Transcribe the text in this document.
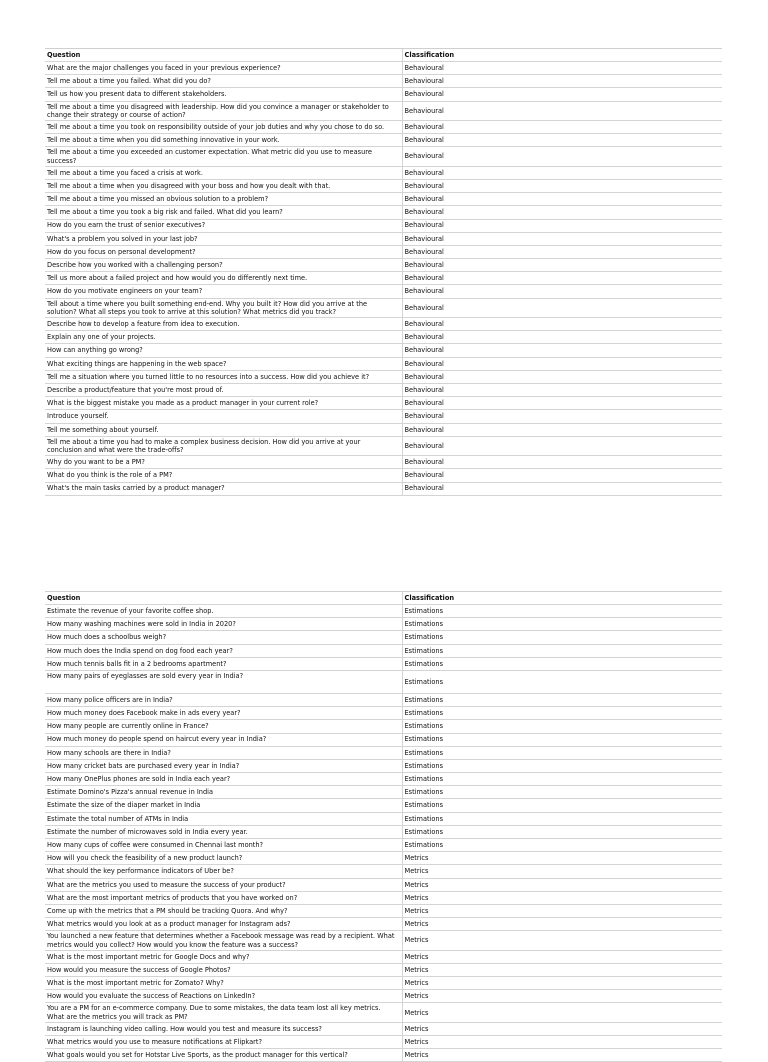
Question	Classification

What are the major challenges you faced in your previous experience?	Behavioural

Tell me about a time you failed. What did you do?	Behavioural

Tell us how you present data to different stakeholders.	Behavioural

Tell me about a time you disagreed with leadership. How did you convince a manager or stakeholder to change their strategy or course of action?	Behavioural

Tell me about a time you took on responsibility outside of your job duties and why you chose to do so.	Behavioural

Tell me about a time when you did something innovative in your work.	Behavioural

Tell me about a time you exceeded an customer expectation. What metric did you use to measure success?	Behavioural

Tell me about a time you faced a crisis at work.	Behavioural

Tell me about a time when you disagreed with your boss and how you dealt with that.	Behavioural

Tell me about a time you missed an obvious solution to a problem?	Behavioural

Tell me about a time you took a big risk and failed. What did you learn?	Behavioural

How do you earn the trust of senior executives?	Behavioural

What's a problem you solved in your last job?	Behavioural

How do you focus on personal development?	Behavioural

Describe how you worked with a challenging person?	Behavioural

Tell us more about a failed project and how would you do differently next time.	Behavioural

How do you motivate engineers on your team?	Behavioural

Tell about a time where you built something end-end. Why you built it? How did you arrive at the solution? What all steps you took to arrive at this solution? What metrics did you track?	Behavioural

Describe how to develop a feature from idea to execution.	Behavioural

Explain any one of your projects.	Behavioural

How can anything go wrong?	Behavioural

What exciting things are happening in the web space?	Behavioural

Tell me a situation where you turned little to no resources into a success. How did you achieve it?	Behavioural

Describe a product/feature that you're most proud of.	Behavioural

What is the biggest mistake you made as a product manager in your current role?	Behavioural

Introduce yourself.	Behavioural

Tell me something about yourself.	Behavioural

Tell me about a time you had to make a complex business decision. How did you arrive at your conclusion and what were the trade-offs?	Behavioural

Why do you want to be a PM?	Behavioural

What do you think is the role of a PM?	Behavioural

What's the main tasks carried by a product manager?	Behavioural
Question	Classification

Estimate the revenue of your favorite coffee shop.	Estimations

How many washing machines were sold in India in 2020?	Estimations

How much does a schoolbus weigh?	Estimations

How much does the India spend on dog food each year?	Estimations

How much tennis balls fit in a 2 bedrooms apartment?	Estimations

How many pairs of eyeglasses are sold every year in India?	Estimations

How many police officers are in India?	Estimations

How much money does Facebook make in ads every year?	Estimations

How many people are currently online in France?	Estimations

How much money do people spend on haircut every year in India?	Estimations

How many schools are there in India?	Estimations

How many cricket bats are purchased every year in India?	Estimations

How many OnePlus phones are sold in India each year?	Estimations

Estimate Domino's Pizza's annual revenue in India	Estimations

Estimate the size of the diaper market in India	Estimations

Estimate the total number of ATMs in India	Estimations

Estimate the number of microwaves sold in India every year.	Estimations

How many cups of coffee were consumed in Chennai last month?	Estimations

How will you check the feasibility of a new product launch?	Metrics

What should the key performance indicators of Uber be?	Metrics

What are the metrics you used to measure the success of your product?	Metrics

What are the most important metrics of products that you have worked on?	Metrics

Come up with the metrics that a PM should be tracking Quora. And why?	Metrics

What metrics would you look at as a product manager for Instagram ads?	Metrics

You launched a new feature that determines whether a Facebook message was read by a recipient. What metrics would you collect? How would you know the feature was a success?	Metrics

What is the most important metric for Google Docs and why?	Metrics

How would you measure the success of Google Photos?	Metrics

What is the most important metric for Zomato? Why?	Metrics

How would you evaluate the success of Reactions on LinkedIn?	Metrics

You are a PM for an e-commerce company. Due to some mistakes, the data team lost all key metrics. What are the metrics you will track as PM?	Metrics

Instagram is launching video calling. How would you test and measure its success?	Metrics

What metrics would you use to measure notifications at Flipkart?	Metrics

What goals would you set for Hotstar Live Sports, as the product manager for this vertical?	Metrics
